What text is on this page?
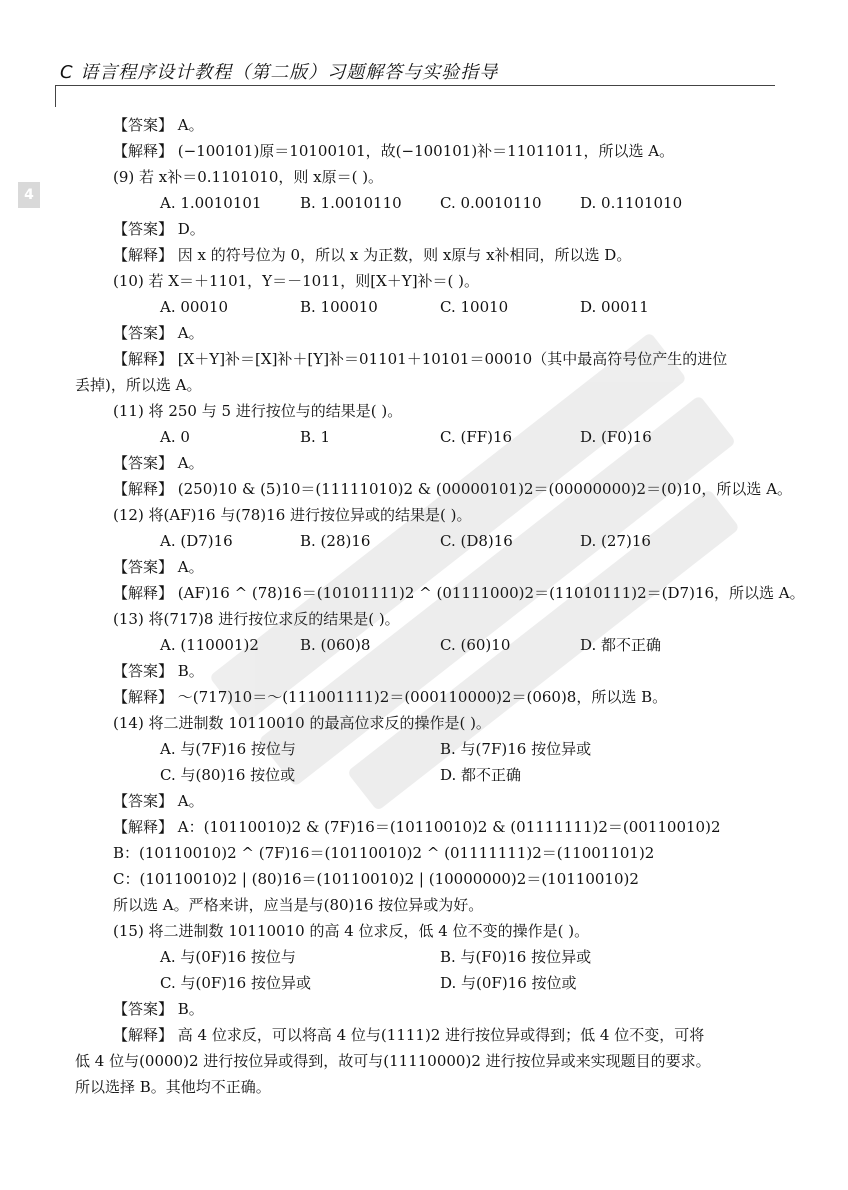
C 语言程序设计教程（第二版）习题解答与实验指导
4
【答案】 A。
【解释】 (−100101)原＝10100101，故(−100101)补＝11011011，所以选 A。
(9) 若 x补＝0.1101010，则 x原＝( )。
A. 1.0010101	B. 1.0010110	C. 0.0010110	D. 0.1101010
【答案】 D。
【解释】 因 x 的符号位为 0，所以 x 为正数，则 x原与 x补相同，所以选 D。
(10) 若 X＝＋1101，Y＝－1011，则[X＋Y]补＝( )。
A. 00010	B. 100010	C. 10010	D. 00011
【答案】 A。
【解释】 [X＋Y]补＝[X]补＋[Y]补＝01101＋10101＝00010（其中最高符号位产生的进位
丢掉)，所以选 A。
(11) 将 250 与 5 进行按位与的结果是( )。
A. 0	B. 1	C. (FF)16	D. (F0)16
【答案】 A。
【解释】 (250)10 & (5)10＝(11111010)2 & (00000101)2＝(00000000)2＝(0)10，所以选 A。
(12) 将(AF)16 与(78)16 进行按位异或的结果是( )。
A. (D7)16	B. (28)16	C. (D8)16	D. (27)16
【答案】 A。
【解释】 (AF)16 ^ (78)16＝(10101111)2 ^ (01111000)2＝(11010111)2＝(D7)16，所以选 A。
(13) 将(717)8 进行按位求反的结果是( )。
A. (110001)2	B. (060)8	C. (60)10	D. 都不正确
【答案】 B。
【解释】 ～(717)10＝～(111001111)2＝(000110000)2＝(060)8，所以选 B。
(14) 将二进制数 10110010 的最高位求反的操作是( )。
A. 与(7F)16 按位与	B. 与(7F)16 按位异或
C. 与(80)16 按位或	D. 都不正确
【答案】 A。
【解释】 A：(10110010)2 & (7F)16＝(10110010)2 & (01111111)2＝(00110010)2
B：(10110010)2 ^ (7F)16＝(10110010)2 ^ (01111111)2＝(11001101)2
C：(10110010)2 | (80)16＝(10110010)2 | (10000000)2＝(10110010)2
所以选 A。严格来讲，应当是与(80)16 按位异或为好。
(15) 将二进制数 10110010 的高 4 位求反，低 4 位不变的操作是( )。
A. 与(0F)16 按位与	B. 与(F0)16 按位异或
C. 与(0F)16 按位异或	D. 与(0F)16 按位或
【答案】 B。
【解释】 高 4 位求反，可以将高 4 位与(1111)2 进行按位异或得到；低 4 位不变，可将
低 4 位与(0000)2 进行按位异或得到，故可与(11110000)2 进行按位异或来实现题目的要求。
所以选择 B。其他均不正确。
